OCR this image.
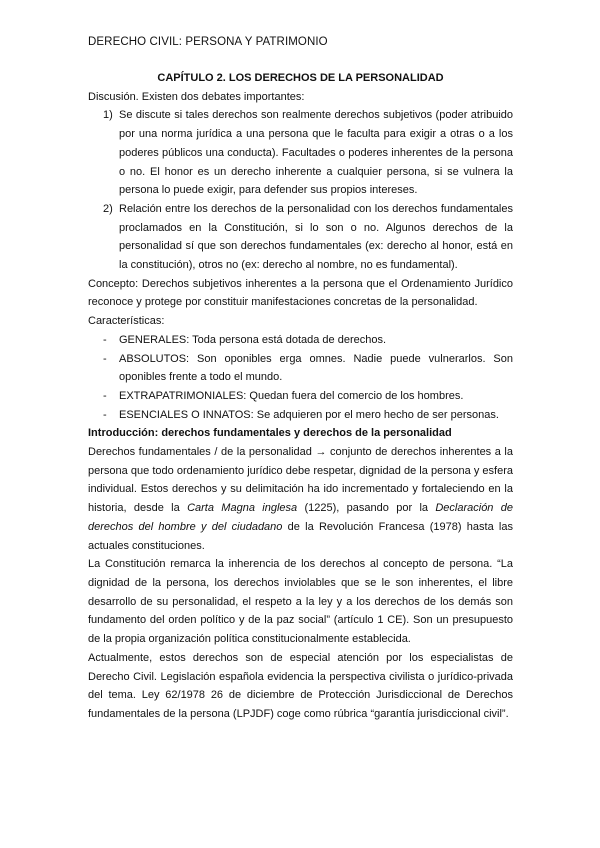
DERECHO CIVIL: PERSONA Y PATRIMONIO

CAPÍTULO 2. LOS DERECHOS DE LA PERSONALIDAD

Discusión. Existen dos debates importantes:

1) Se discute si tales derechos son realmente derechos subjetivos (poder atribuido por una norma jurídica a una persona que le faculta para exigir a otras o a los poderes públicos una conducta). Facultades o poderes inherentes de la persona o no. El honor es un derecho inherente a cualquier persona, si se vulnera la persona lo puede exigir, para defender sus propios intereses.
2) Relación entre los derechos de la personalidad con los derechos fundamentales proclamados en la Constitución, si lo son o no. Algunos derechos de la personalidad sí que son derechos fundamentales (ex: derecho al honor, está en la constitución), otros no (ex: derecho al nombre, no es fundamental).

Concepto: Derechos subjetivos inherentes a la persona que el Ordenamiento Jurídico reconoce y protege por constituir manifestaciones concretas de la personalidad.

Características:

- GENERALES: Toda persona está dotada de derechos.
- ABSOLUTOS: Son oponibles erga omnes. Nadie puede vulnerarlos. Son oponibles frente a todo el mundo.
- EXTRAPATRIMONIALES: Quedan fuera del comercio de los hombres.
- ESENCIALES O INNATOS: Se adquieren por el mero hecho de ser personas.

Introducción: derechos fundamentales y derechos de la personalidad

Derechos fundamentales / de la personalidad → conjunto de derechos inherentes a la persona que todo ordenamiento jurídico debe respetar, dignidad de la persona y esfera individual. Estos derechos y su delimitación ha ido incrementado y fortaleciendo en la historia, desde la Carta Magna inglesa (1225), pasando por la Declaración de derechos del hombre y del ciudadano de la Revolución Francesa (1978) hasta las actuales constituciones.

La Constitución remarca la inherencia de los derechos al concepto de persona. “La dignidad de la persona, los derechos inviolables que se le son inherentes, el libre desarrollo de su personalidad, el respeto a la ley y a los derechos de los demás son fundamento del orden político y de la paz social” (artículo 1 CE). Son un presupuesto de la propia organización política constitucionalmente establecida.

Actualmente, estos derechos son de especial atención por los especialistas de Derecho Civil. Legislación española evidencia la perspectiva civilista o jurídico-privada del tema. Ley 62/1978 26 de diciembre de Protección Jurisdiccional de Derechos fundamentales de la persona (LPJDF) coge como rúbrica “garantía jurisdiccional civil”.
